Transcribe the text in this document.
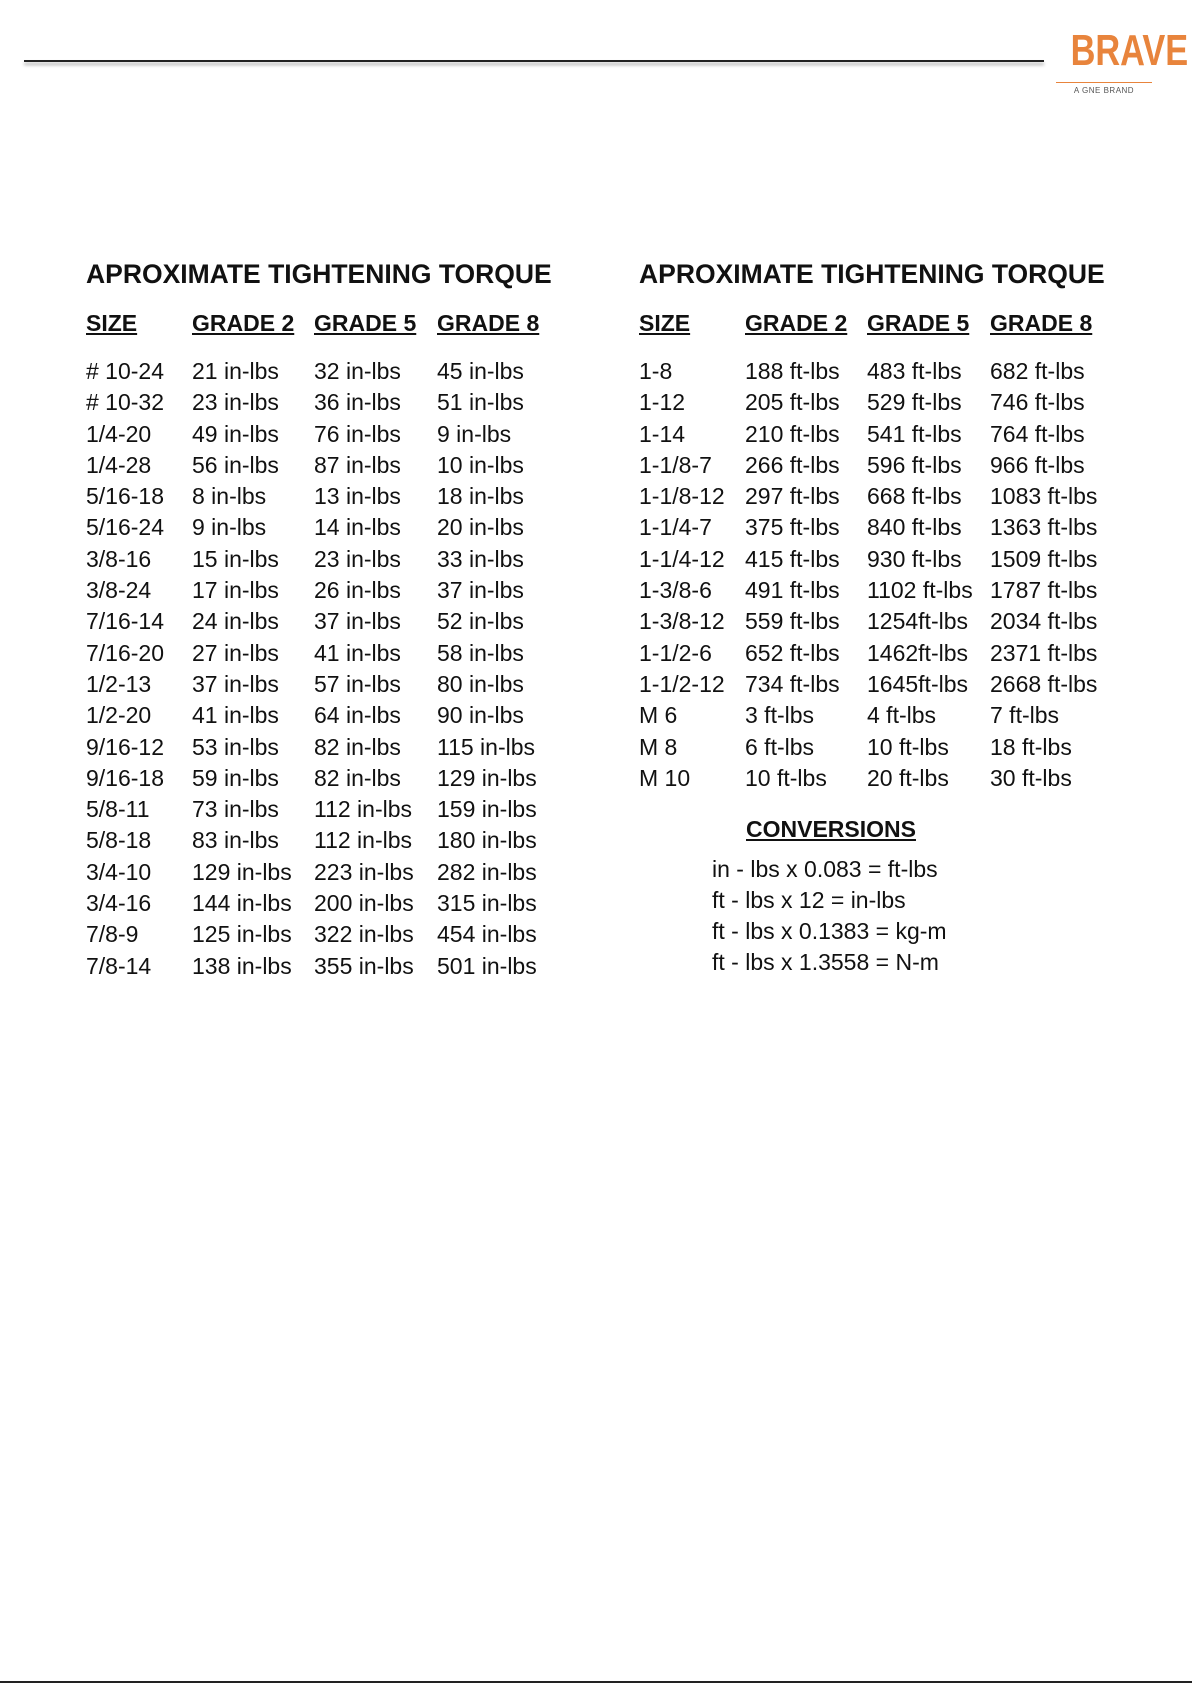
BRAVE
A GNE BRAND
APROXIMATE TIGHTENING TORQUE
SIZE	GRADE 2	GRADE 5	GRADE 8

# 10-24	21 in-lbs	32 in-lbs	45 in-lbs
# 10-32	23 in-lbs	36 in-lbs	51 in-lbs
1/4-20	49 in-lbs	76 in-lbs	9 in-lbs
1/4-28	56 in-lbs	87 in-lbs	10 in-lbs
5/16-18	8 in-lbs	13 in-lbs	18 in-lbs
5/16-24	9 in-lbs	14 in-lbs	20 in-lbs
3/8-16	15 in-lbs	23 in-lbs	33 in-lbs
3/8-24	17 in-lbs	26 in-lbs	37 in-lbs
7/16-14	24 in-lbs	37 in-lbs	52 in-lbs
7/16-20	27 in-lbs	41 in-lbs	58 in-lbs
1/2-13	37 in-lbs	57 in-lbs	80 in-lbs
1/2-20	41 in-lbs	64 in-lbs	90 in-lbs
9/16-12	53 in-lbs	82 in-lbs	115 in-lbs
9/16-18	59 in-lbs	82 in-lbs	129 in-lbs
5/8-11	73 in-lbs	112 in-lbs	159 in-lbs
5/8-18	83 in-lbs	112 in-lbs	180 in-lbs
3/4-10	129 in-lbs	223 in-lbs	282 in-lbs
3/4-16	144 in-lbs	200 in-lbs	315 in-lbs
7/8-9	125 in-lbs	322 in-lbs	454 in-lbs
7/8-14	138 in-lbs	355 in-lbs	501 in-lbs
APROXIMATE TIGHTENING TORQUE
SIZE	GRADE 2	GRADE 5	GRADE 8

1-8	188 ft-lbs	483 ft-lbs	682 ft-lbs
1-12	205 ft-lbs	529 ft-lbs	746 ft-lbs
1-14	210 ft-lbs	541 ft-lbs	764 ft-lbs
1-1/8-7	266 ft-lbs	596 ft-lbs	966 ft-lbs
1-1/8-12	297 ft-lbs	668 ft-lbs	1083 ft-lbs
1-1/4-7	375 ft-lbs	840 ft-lbs	1363 ft-lbs
1-1/4-12	415 ft-lbs	930 ft-lbs	1509 ft-lbs
1-3/8-6	491 ft-lbs	1102 ft-lbs	1787 ft-lbs
1-3/8-12	559 ft-lbs	1254ft-lbs	2034 ft-lbs
1-1/2-6	652 ft-lbs	1462ft-lbs	2371 ft-lbs
1-1/2-12	734 ft-lbs	1645ft-lbs	2668 ft-lbs
M 6	3 ft-lbs	4 ft-lbs	7 ft-lbs
M 8	6 ft-lbs	10 ft-lbs	18 ft-lbs
M 10	10 ft-lbs	20 ft-lbs	30 ft-lbs
CONVERSIONS
in - lbs x 0.083 = ft-lbs
ft - lbs x 12 = in-lbs
ft - lbs x 0.1383 = kg-m
ft - lbs x 1.3558 = N-m
